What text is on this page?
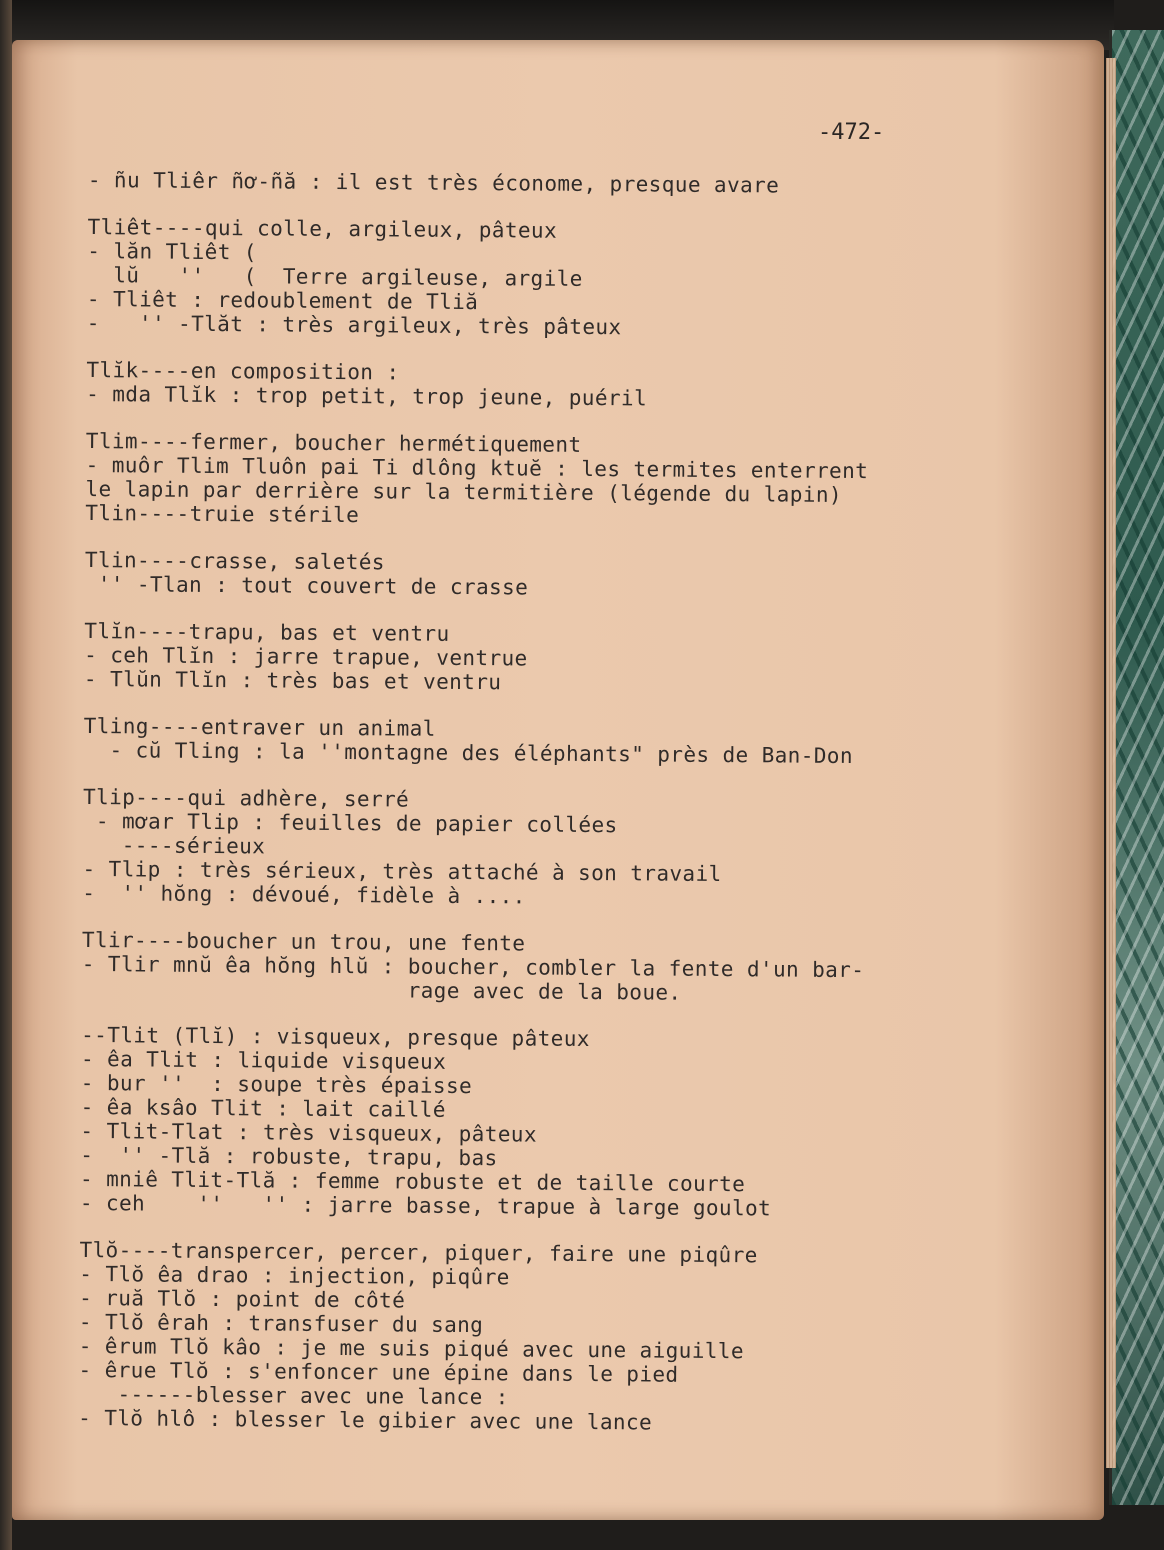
-472-
- ñu Tliêr ñơ-ñă : il est très économe, presque avare
Tliêt----qui colle, argileux, pâteux
- lăn Tliêt (
lŭ   ''   (  Terre argileuse, argile
- Tliêt : redoublement de Tliă
-   '' -Tlăt : très argileux, très pâteux
Tlĭk----en composition :
- mda Tlĭk : trop petit, trop jeune, puéril
Tlim----fermer, boucher hermétiquement
- muôr Tlim Tluôn pai Ti dlông ktuĕ : les termites enterrent
le lapin par derrière sur la termitière (légende du lapin)
Tlin----truie stérile
Tlin----crasse, saletés
'' -Tlan : tout couvert de crasse
Tlĭn----trapu, bas et ventru
- ceh Tlĭn : jarre trapue, ventrue
- Tlŭn Tlĭn : très bas et ventru
Tling----entraver un animal
- cŭ Tling : la ''montagne des éléphants" près de Ban-Don
Tlip----qui adhère, serré
- mơar Tlip : feuilles de papier collées
----sérieux
- Tlip : très sérieux, très attaché à son travail
-  '' hŏng : dévoué, fidèle à ....
Tlir----boucher un trou, une fente
- Tlir mnŭ êa hŏng hlŭ : boucher, combler la fente d'un bar-
rage avec de la boue.
--Tlit (Tlĭ) : visqueux, presque pâteux
- êa Tlit : liquide visqueux
- bur ''  : soupe très épaisse
- êa ksâo Tlit : lait caillé
- Tlit-Tlat : très visqueux, pâteux
-  '' -Tlă : robuste, trapu, bas
- mniê Tlit-Tlă : femme robuste et de taille courte
- ceh    ''   '' : jarre basse, trapue à large goulot
Tlŏ----transpercer, percer, piquer, faire une piqûre
- Tlŏ êa drao : injection, piqûre
- ruă Tlŏ : point de côté
- Tlŏ êrah : transfuser du sang
- êrum Tlŏ kâo : je me suis piqué avec une aiguille
- êrue Tlŏ : s'enfoncer une épine dans le pied
------blesser avec une lance :
- Tlŏ hlô : blesser le gibier avec une lance
